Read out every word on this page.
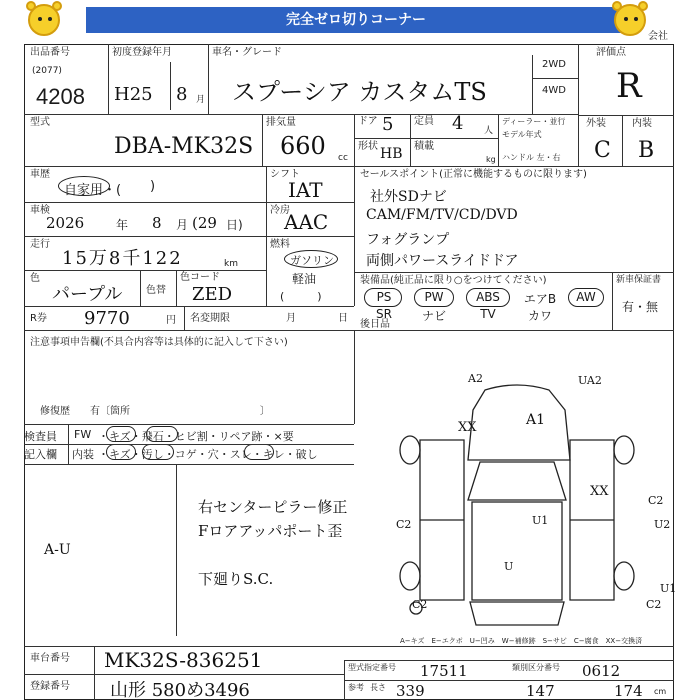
完全ゼロ切りコーナー
会社
出品番号
(2077)
4208
初度登録年月
H25 8 月
車名・グレード
スプーシア カスタムTS
2WD
4WD
評価点
R
外装	内装
C B
型式
DBA-MK32S
排気量
660 cc
ドア 5 定員 4 人
形状 HB 積載
kg
ディーラー・並行
モデル年式
ハンドル 左・右
車歴
自家用・( )
シフト
IAT
車検
2026	年 8 月 (29 日)
冷房
AAC
走行
15万8千122	km
燃料
ガソリン
軽油
(　　　)
色
パープル 色替
色コード
ZED
セールスポイント(正常に機能するものに限ります)
社外SDナビ
CAM/FM/TV/CD/DVD
フォグランプ
両側パワースライドドア
装備品(純正品に限り○をつけてください)	新車保証書
有・無
PS	PW	ABS	エアB	AW
SR	ナビ	TV	カワ
R券 9770	円 名変期限	月	日
後日品
注意事項申告欄(不具合内容等は具体的に記入して下さい)
修復歴　　有〔箇所　　　　　　　　　　　　　〕
検査員
記入欄
FW ・キズ・飛石・ヒビ割・リペア跡・×要
内装 ・キズ・汚し・コゲ・穴・スレ・キレ・破し
A-U
右センターピラー修正
Fロアアッパポート歪
下廻りS.C.
A2	UA2
XX	A1
XX
C2
U2
C2	U1
U1
C2	C2
U
A−キズ　E−エクボ　U−凹み　W−補修跡　S−サビ　C−腐食　XX−交換済
車台番号 MK32S-836251
登録番号 山形 580め3496
型式指定番号 17511	類別区分番号 0612
参考 長さ 339	147	174 cm
